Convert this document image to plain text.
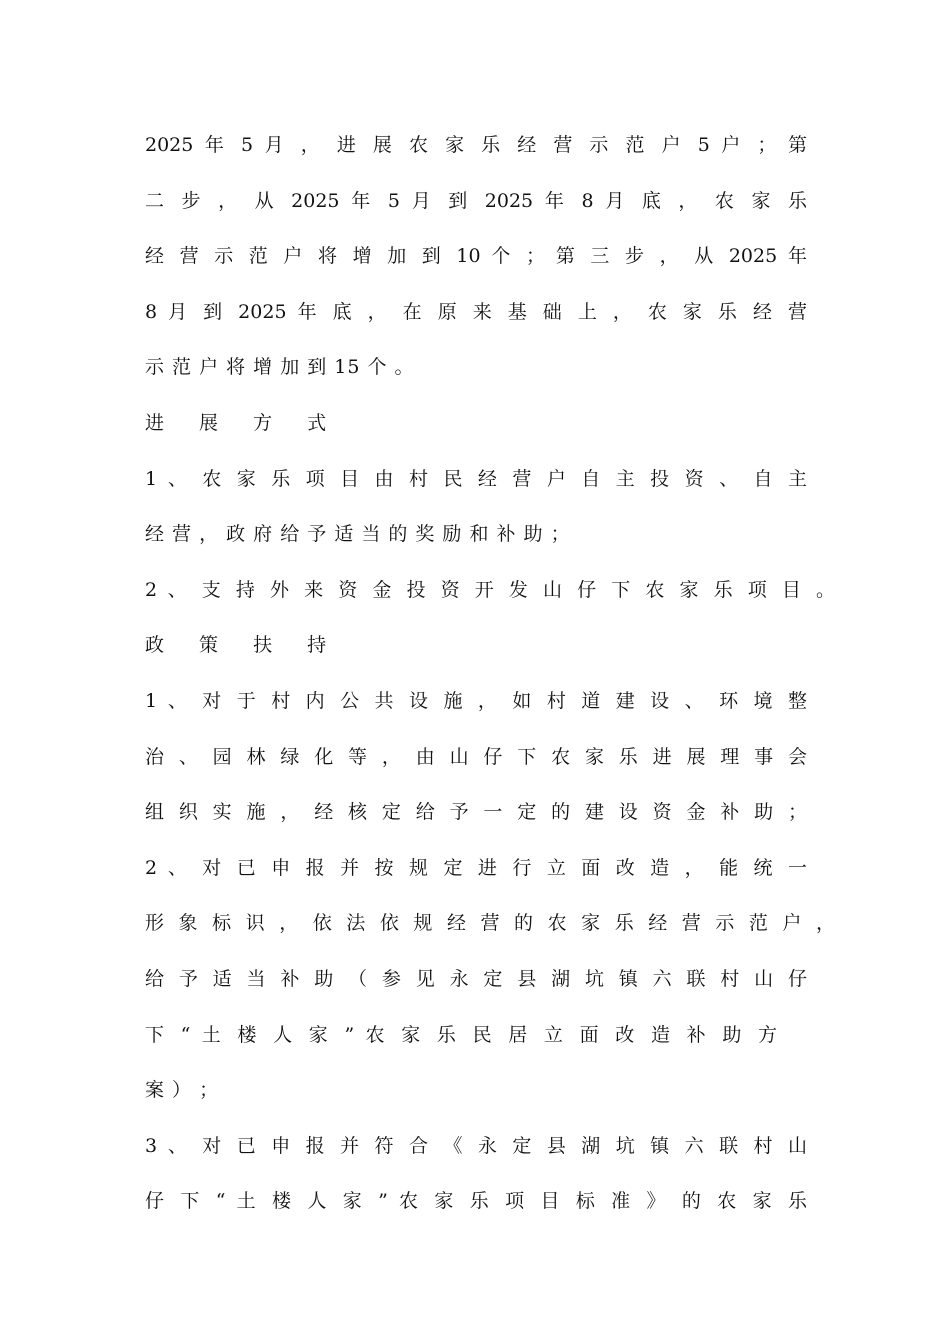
2025 年 5 月 ， 进 展 农 家 乐 经 营 示 范 户 5 户 ； 第
二 步 ， 从 2025 年 5 月 到 2025 年 8 月 底 ， 农 家 乐
经 营 示 范 户 将 增 加 到 10 个 ； 第 三 步 ， 从 2025 年
8 月 到 2025 年 底 ， 在 原 来 基 础 上 ， 农 家 乐 经 营
示 范 户 将 增 加 到 15 个 。
进 展 方 式
1 、 农 家 乐 项 目 由 村 民 经 营 户 自 主 投 资 、 自 主
经 营 ， 政 府 给 予 适 当 的 奖 励 和 补 助 ；
2 、 支 持 外 来 资 金 投 资 开 发 山 仔 下 农 家 乐 项 目 。
政 策 扶 持
1 、 对 于 村 内 公 共 设 施 ， 如 村 道 建 设 、 环 境 整
治 、 园 林 绿 化 等 ， 由 山 仔 下 农 家 乐 进 展 理 事 会
组 织 实 施 ， 经 核 定 给 予 一 定 的 建 设 资 金 补 助 ；
2 、 对 已 申 报 并 按 规 定 进 行 立 面 改 造 ， 能 统 一
形 象 标 识 ， 依 法 依 规 经 营 的 农 家 乐 经 营 示 范 户 ，
给 予 适 当 补 助 （ 参 见 永 定 县 湖 坑 镇 六 联 村 山 仔
下 “ 土 楼 人 家 ” 农 家 乐 民 居 立 面 改 造 补 助 方
案 ） ；
3 、 对 已 申 报 并 符 合 《 永 定 县 湖 坑 镇 六 联 村 山
仔 下 “ 土 楼 人 家 ” 农 家 乐 项 目 标 准 》 的 农 家 乐
